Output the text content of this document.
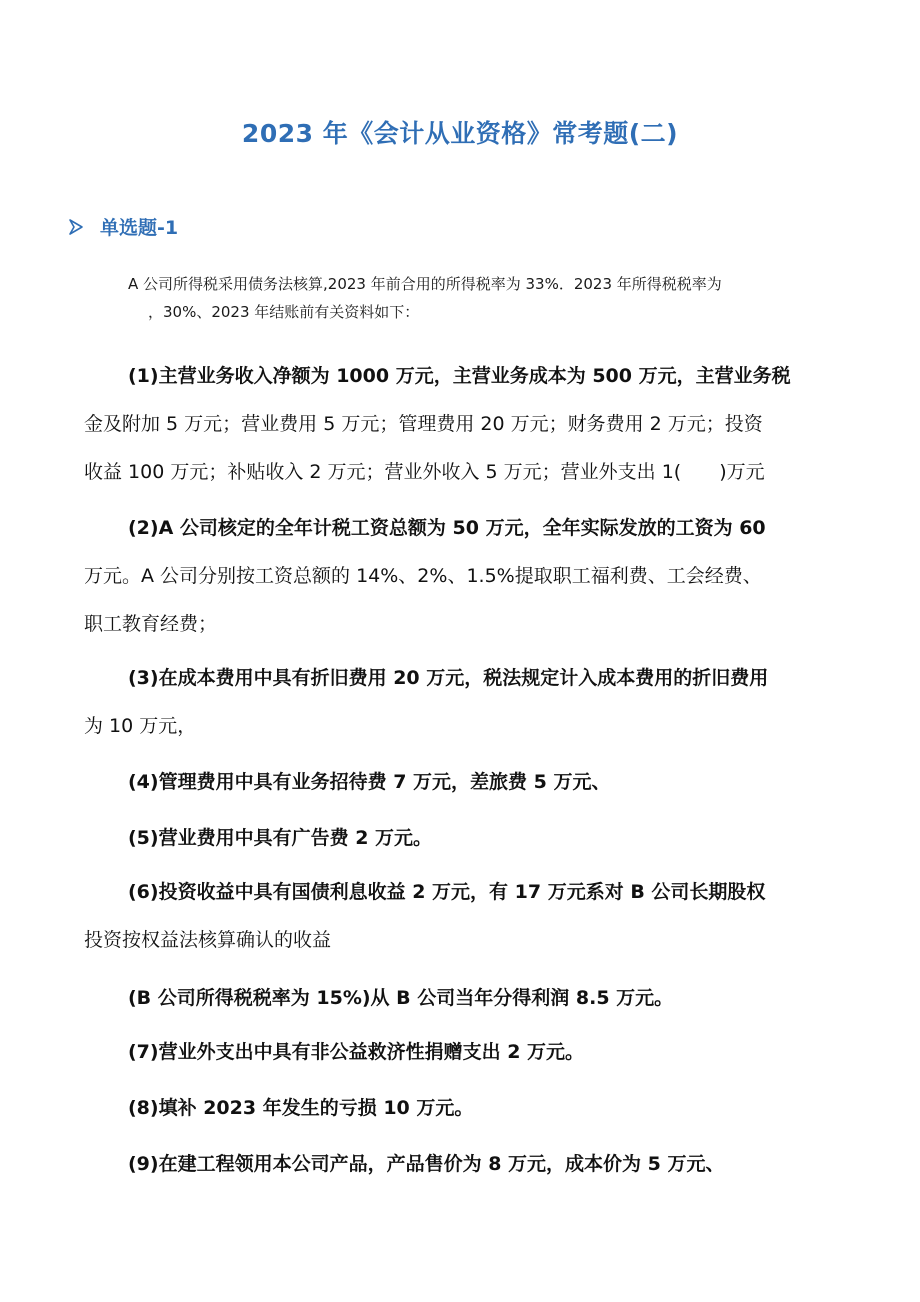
2023 年《会计从业资格》常考题(二)
单选题-1
A 公司所得税采用债务法核算,2023 年前合用的所得税率为 33%．2023 年所得税税率为
，30%、2023 年结账前有关资料如下：
(1)主营业务收入净额为 1000 万元，主营业务成本为 500 万元，主营业务税
金及附加 5 万元；营业费用 5 万元；管理费用 20 万元；财务费用 2 万元；投资
收益 100 万元；补贴收入 2 万元；营业外收入 5 万元；营业外支出 1(　　)万元
(2)A 公司核定的全年计税工资总额为 50 万元，全年实际发放的工资为 60
万元。A 公司分别按工资总额的 14%、2%、1.5%提取职工福利费、工会经费、
职工教育经费；
(3)在成本费用中具有折旧费用 20 万元，税法规定计入成本费用的折旧费用
为 10 万元，
(4)管理费用中具有业务招待费 7 万元，差旅费 5 万元、
(5)营业费用中具有广告费 2 万元。
(6)投资收益中具有国债利息收益 2 万元，有 17 万元系对 B 公司长期股权
投资按权益法核算确认的收益
(B 公司所得税税率为 15%)从 B 公司当年分得利润 8.5 万元。
(7)营业外支出中具有非公益救济性捐赠支出 2 万元。
(8)填补 2023 年发生的亏损 10 万元。
(9)在建工程领用本公司产品，产品售价为 8 万元，成本价为 5 万元、
